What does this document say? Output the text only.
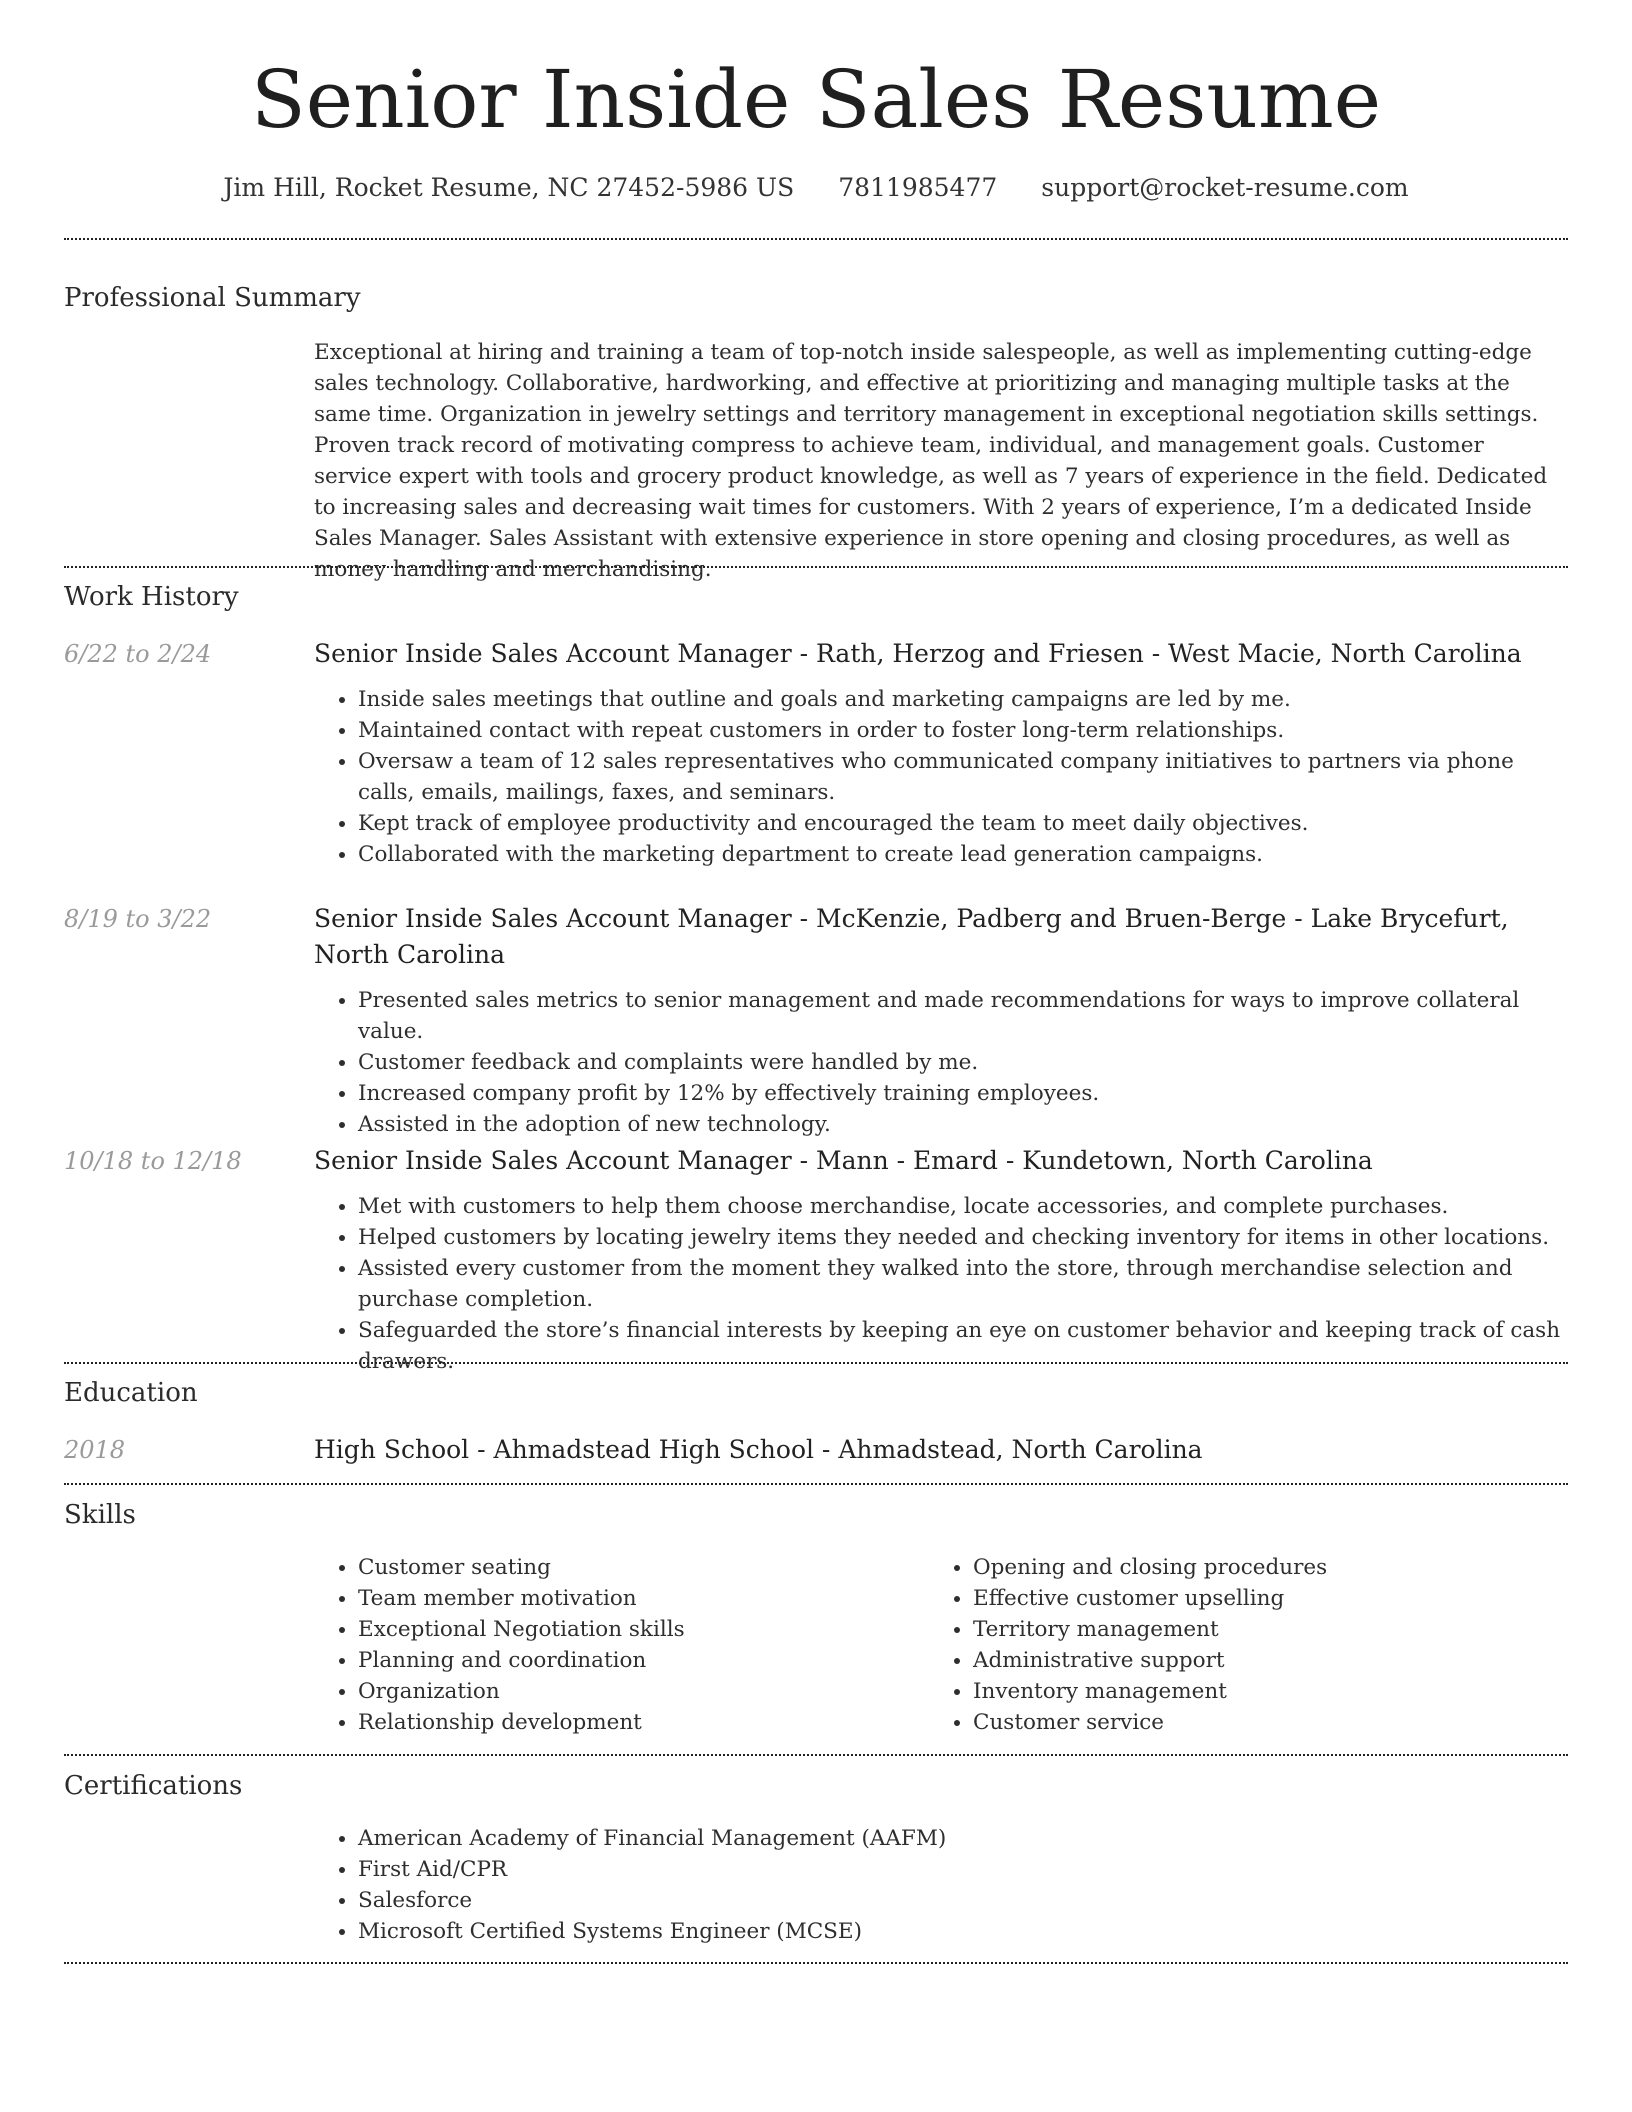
Senior Inside Sales Resume
Jim Hill, Rocket Resume, NC 27452-5986 US 7811985477 support@rocket-resume.com
Professional Summary

Exceptional at hiring and training a team of top-notch inside salespeople, as well as implementing cutting-edge sales technology. Collaborative, hardworking, and effective at prioritizing and managing multiple tasks at the same time. Organization in jewelry settings and territory management in exceptional negotiation skills settings. Proven track record of motivating compress to achieve team, individual, and management goals. Customer service expert with tools and grocery product knowledge, as well as 7 years of experience in the field. Dedicated to increasing sales and decreasing wait times for customers. With 2 years of experience, I’m a dedicated Inside Sales Manager. Sales Assistant with extensive experience in store opening and closing procedures, as well as money handling and merchandising.

Work History
6/22 to 2/24	Senior Inside Sales Account Manager - Rath, Herzog and Friesen - West Macie, North Carolina

• Inside sales meetings that outline and goals and marketing campaigns are led by me.
• Maintained contact with repeat customers in order to foster long-term relationships.
• Oversaw a team of 12 sales representatives who communicated company initiatives to partners via phone calls, emails, mailings, faxes, and seminars.
• Kept track of employee productivity and encouraged the team to meet daily objectives.
• Collaborated with the marketing department to create lead generation campaigns.
8/19 to 3/22	Senior Inside Sales Account Manager - McKenzie, Padberg and Bruen-Berge - Lake Brycefurt, North Carolina

• Presented sales metrics to senior management and made recommendations for ways to improve collateral value.
• Customer feedback and complaints were handled by me.
• Increased company profit by 12% by effectively training employees.
• Assisted in the adoption of new technology.
10/18 to 12/18	Senior Inside Sales Account Manager - Mann - Emard - Kundetown, North Carolina

• Met with customers to help them choose merchandise, locate accessories, and complete purchases.
• Helped customers by locating jewelry items they needed and checking inventory for items in other locations.
• Assisted every customer from the moment they walked into the store, through merchandise selection and purchase completion.
• Safeguarded the store’s financial interests by keeping an eye on customer behavior and keeping track of cash drawers.
Education
2018	High School - Ahmadstead High School - Ahmadstead, North Carolina

Skills
• Customer seating
• Team member motivation
• Exceptional Negotiation skills
• Planning and coordination
• Organization
• Relationship development
• Opening and closing procedures
• Effective customer upselling
• Territory management
• Administrative support
• Inventory management
• Customer service
Certifications
• American Academy of Financial Management (AAFM)
• First Aid/CPR
• Salesforce
• Microsoft Certified Systems Engineer (MCSE)
